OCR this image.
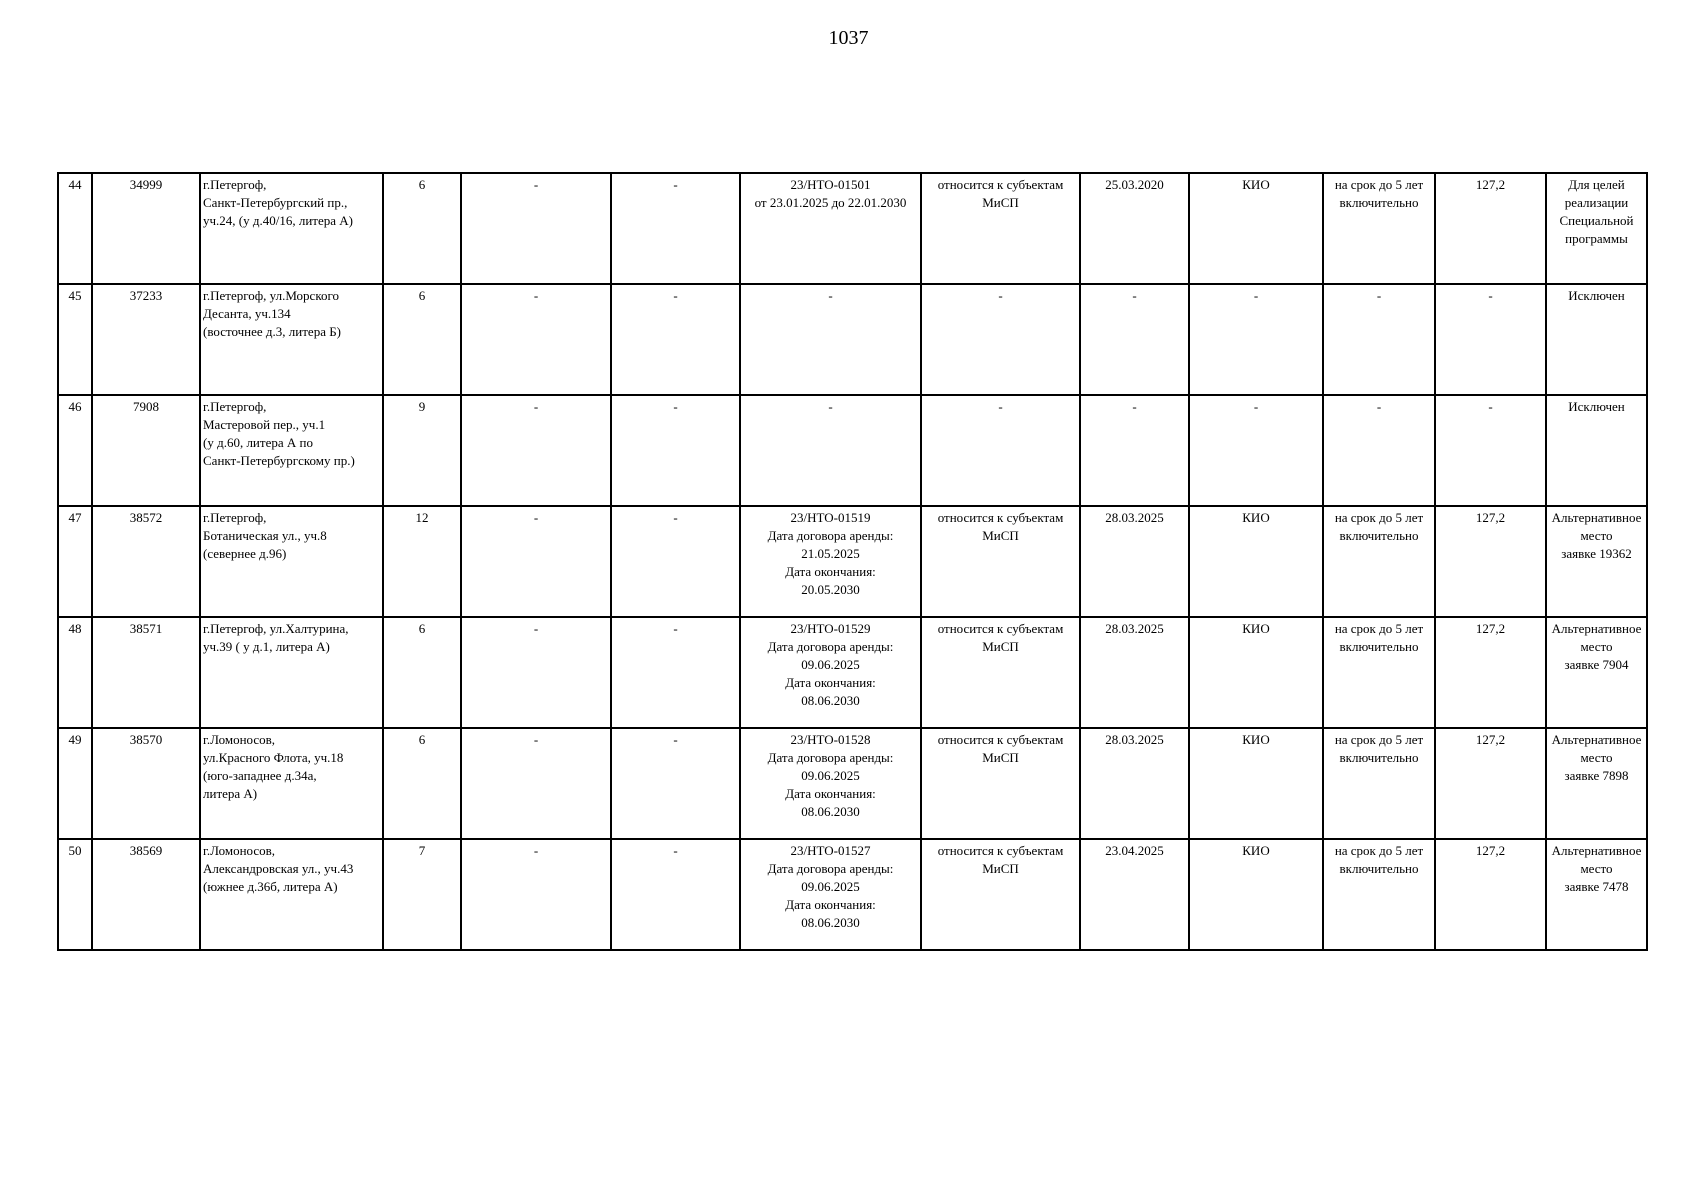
1037
44	34999	г.Петергоф,
Санкт-Петербургский пр.,
уч.24, (у д.40/16, литера А)	6	-	-	23/НТО-01501
от 23.01.2025 до 22.01.2030	относится к субъектам
МиСП	25.03.2020	КИО	на срок до 5 лет
включительно	127,2	Для целей
реализации
Специальной
программы

45	37233	г.Петергоф, ул.Морского
Десанта, уч.134
(восточнее д.3, литера Б)	6	-	-	-	-	-	-	-	-	Исключен

46	7908	г.Петергоф,
Мастеровой пер., уч.1
(у д.60, литера А по
Санкт-Петербургскому пр.)	9	-	-	-	-	-	-	-	-	Исключен

47	38572	г.Петергоф,
Ботаническая ул., уч.8
(севернее д.96)	12	-	-	23/НТО-01519
Дата договора аренды:
21.05.2025
Дата окончания:
20.05.2030	относится к субъектам
МиСП	28.03.2025	КИО	на срок до 5 лет
включительно	127,2	Альтернативное
место
заявке 19362

48	38571	г.Петергоф, ул.Халтурина,
уч.39 ( у д.1, литера А)	6	-	-	23/НТО-01529
Дата договора аренды:
09.06.2025
Дата окончания:
08.06.2030	относится к субъектам
МиСП	28.03.2025	КИО	на срок до 5 лет
включительно	127,2	Альтернативное
место
заявке 7904

49	38570	г.Ломоносов,
ул.Красного Флота, уч.18
(юго-западнее д.34а,
литера А)	6	-	-	23/НТО-01528
Дата договора аренды:
09.06.2025
Дата окончания:
08.06.2030	относится к субъектам
МиСП	28.03.2025	КИО	на срок до 5 лет
включительно	127,2	Альтернативное
место
заявке 7898

50	38569	г.Ломоносов,
Александровская ул., уч.43
(южнее д.36б, литера А)	7	-	-	23/НТО-01527
Дата договора аренды:
09.06.2025
Дата окончания:
08.06.2030	относится к субъектам
МиСП	23.04.2025	КИО	на срок до 5 лет
включительно	127,2	Альтернативное
место
заявке 7478
